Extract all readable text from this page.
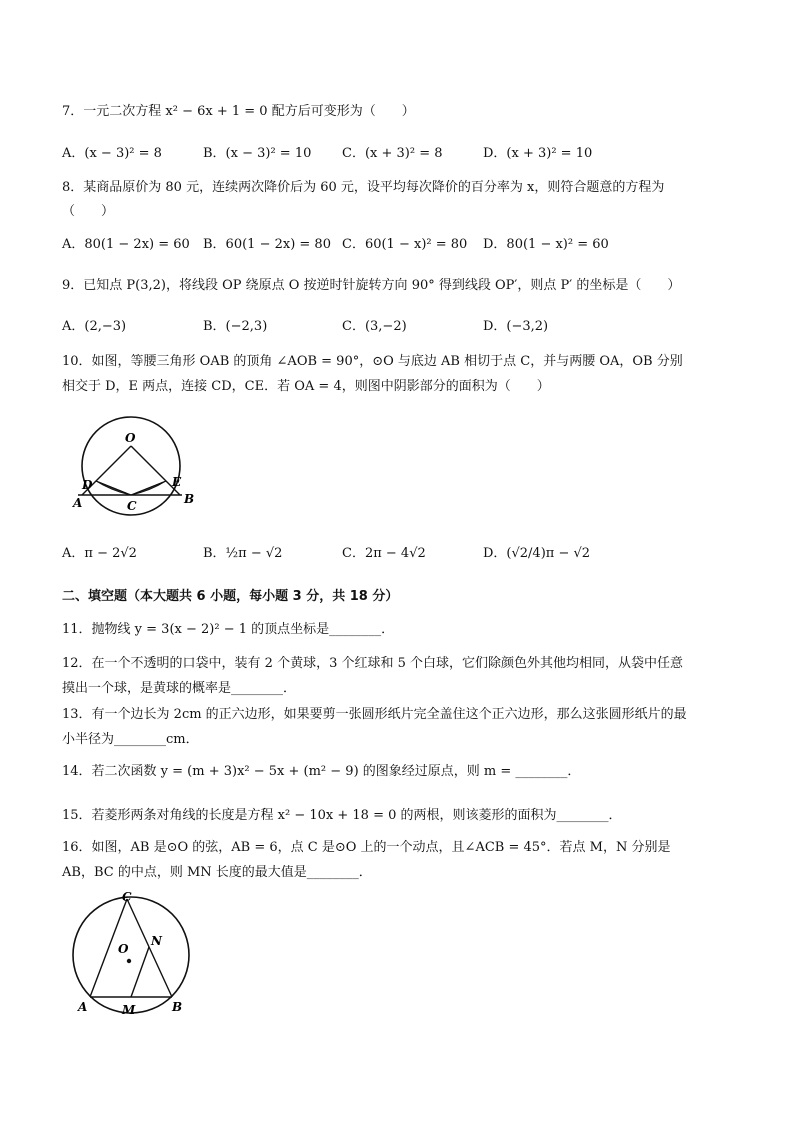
7．一元二次方程 x² − 6x + 1 = 0 配方后可变形为（　　）
A．(x − 3)² = 8	B．(x − 3)² = 10 C．(x + 3)² = 8	D．(x + 3)² = 10
8．某商品原价为 80 元，连续两次降价后为 60 元，设平均每次降价的百分率为 x，则符合题意的方程为
（　　）
A．80(1 − 2x) = 60 B．60(1 − 2x) = 80 C．60(1 − x)² = 80 D．80(1 − x)² = 60
9．已知点 P(3,2)，将线段 OP 绕原点 O 按逆时针旋转方向 90° 得到线段 OP′，则点 P′ 的坐标是（　　）
A．(2,−3)	B．(−2,3)	C．(3,−2)	D．(−3,2)
10．如图，等腰三角形 OAB 的顶角 ∠AOB = 90°，⊙O 与底边 AB 相切于点 C，并与两腰 OA，OB 分别
相交于 D，E 两点，连接 CD，CE．若 OA = 4，则图中阴影部分的面积为（　　）
O
D	E
A	B
C
A．π − 2√2	B．½π − √2	C．2π − 4√2	D．(√2/4)π − √2
二、填空题（本大题共 6 小题，每小题 3 分，共 18 分）
11．抛物线 y = 3(x − 2)² − 1 的顶点坐标是________．
12．在一个不透明的口袋中，装有 2 个黄球，3 个红球和 5 个白球，它们除颜色外其他均相同，从袋中任意
摸出一个球，是黄球的概率是________．
13．有一个边长为 2cm 的正六边形，如果要剪一张圆形纸片完全盖住这个正六边形，那么这张圆形纸片的最
小半径为________cm．
14．若二次函数 y = (m + 3)x² − 5x + (m² − 9) 的图象经过原点，则 m = ________．
15．若菱形两条对角线的长度是方程 x² − 10x + 18 = 0 的两根，则该菱形的面积为________．
16．如图，AB 是⊙O 的弦，AB = 6，点 C 是⊙O 上的一个动点，且∠ACB = 45°．若点 M，N 分别是
AB，BC 的中点，则 MN 长度的最大值是________．
C
O
N
A	M	B
